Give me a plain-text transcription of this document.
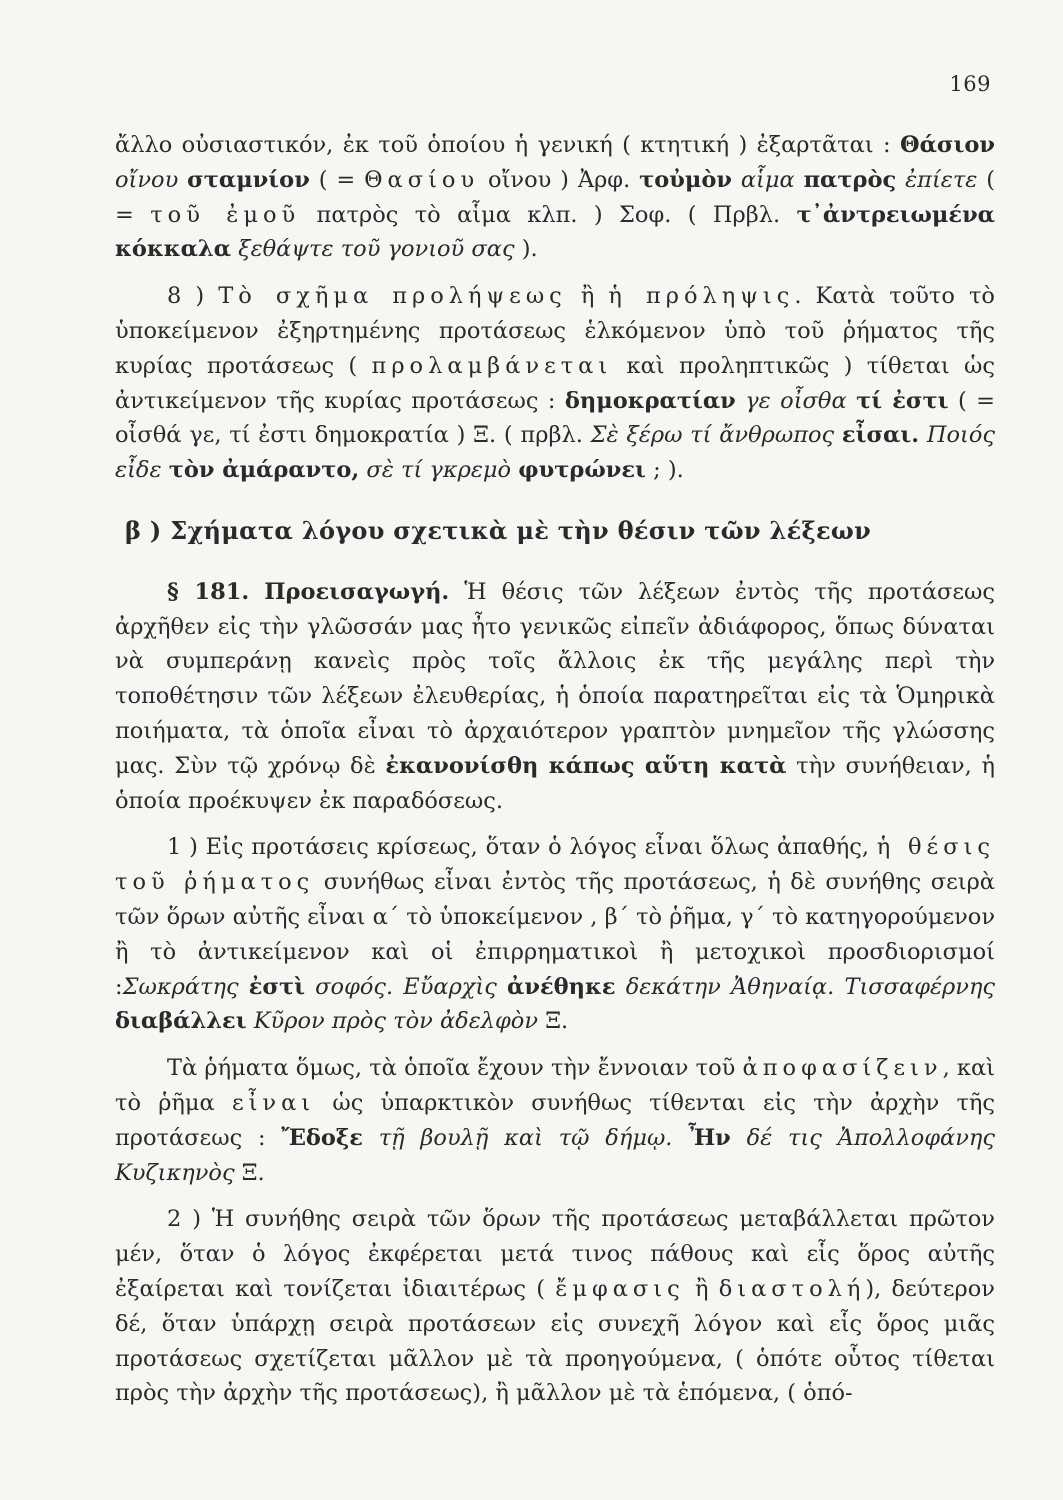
169

ἄλλο οὐσιαστικόν, ἐκ τοῦ ὁποίου ἡ γενική ( κτητική ) ἐξαρτᾶται : Θάσιον οἴνου σταμνίον ( = Θασίου οἴνου ) Ἀρφ. τοὐμὸν αἷμα πατρὸς ἐπίετε ( = τοῦ ἐμοῦ πατρὸς τὸ αἷμα κλπ. ) Σοφ. ( Πρβλ. τ᾽ἀντρειωμένα κόκκαλα ξεθάψτε τοῦ γονιοῦ σας ).

8 ) Τὸ σχῆμα προλήψεως ἢ ἡ πρόληψις. Κατὰ τοῦτο τὸ ὑποκείμενον ἐξηρτημένης προτάσεως ἑλκόμενον ὑπὸ τοῦ ῥήματος τῆς κυρίας προτάσεως ( προλαμβάνεται καὶ προληπτικῶς ) τίθεται ὡς ἀντικείμενον τῆς κυρίας προτάσεως : δημοκρατίαν γε οἶσθα τί ἐστι ( = οἶσθά γε, τί ἐστι δημοκρατία ) Ξ. ( πρβλ. Σὲ ξέρω τί ἄνθρωπος εἶσαι. Ποιός εἶδε τὸν ἀμάραντο, σὲ τί γκρεμὸ φυτρώνει ; ).

β ) Σχήματα λόγου σχετικὰ μὲ τὴν θέσιν τῶν λέξεων

§ 181. Προεισαγωγή. Ἡ θέσις τῶν λέξεων ἐντὸς τῆς προτάσεως ἀρχῆθεν εἰς τὴν γλῶσσάν μας ἦτο γενικῶς εἰπεῖν ἀδιάφορος, ὅπως δύναται νὰ συμπεράνῃ κανεὶς πρὸς τοῖς ἄλλοις ἐκ τῆς μεγάλης περὶ τὴν τοποθέτησιν τῶν λέξεων ἐλευθερίας, ἡ ὁποία παρατηρεῖται εἰς τὰ Ὁμηρικὰ ποιήματα, τὰ ὁποῖα εἶναι τὸ ἀρχαιότερον γραπτὸν μνημεῖον τῆς γλώσσης μας. Σὺν τῷ χρόνῳ δὲ ἐκανονίσθη κάπως αὕτη κατὰ τὴν συνήθειαν, ἡ ὁποία προέκυψεν ἐκ παραδόσεως.

1 ) Εἰς προτάσεις κρίσεως, ὅταν ὁ λόγος εἶναι ὅλως ἀπαθής, ἡ θέσις τοῦ ῥήματος συνήθως εἶναι ἐντὸς τῆς προτάσεως, ἡ δὲ συνήθης σειρὰ τῶν ὅρων αὐτῆς εἶναι α΄ τὸ ὑποκείμενον , β΄ τὸ ῥῆμα, γ΄ τὸ κατηγορούμενον ἢ τὸ ἀντικείμενον καὶ οἱ ἐπιρρηματικοὶ ἢ μετοχικοὶ προσδιορισμοί :Σωκράτης ἐστὶ σοφός. Εὔαρχὶς ἀνέθηκε δεκάτην Ἀθηναίᾳ. Τισσαφέρνης διαβάλλει Κῦρον πρὸς τὸν ἀδελφὸν Ξ.

Τὰ ῥήματα ὅμως, τὰ ὁποῖα ἔχουν τὴν ἔννοιαν τοῦ ἀποφασίζειν, καὶ τὸ ῥῆμα εἶναι ὡς ὑπαρκτικὸν συνήθως τίθενται εἰς τὴν ἀρχὴν τῆς προτάσεως : Ἔδοξε τῇ βουλῇ καὶ τῷ δήμῳ. Ἦν δέ τις Ἀπολλοφάνης Κυζικηνὸς Ξ.

2 ) Ἡ συνήθης σειρὰ τῶν ὅρων τῆς προτάσεως μεταβάλλεται πρῶτον μέν, ὅταν ὁ λόγος ἐκφέρεται μετά τινος πάθους καὶ εἷς ὅρος αὐτῆς ἐξαίρεται καὶ τονίζεται ἰδιαιτέρως ( ἔμφασις ἢ διαστολή), δεύτερον δέ, ὅταν ὑπάρχῃ σειρὰ προτάσεων εἰς συνεχῆ λόγον καὶ εἷς ὅρος μιᾶς προτάσεως σχετίζεται μᾶλλον μὲ τὰ προηγούμενα, ( ὁπότε οὗτος τίθεται πρὸς τὴν ἀρχὴν τῆς προτάσεως), ἢ μᾶλλον μὲ τὰ ἑπόμενα, ( ὁπό-
